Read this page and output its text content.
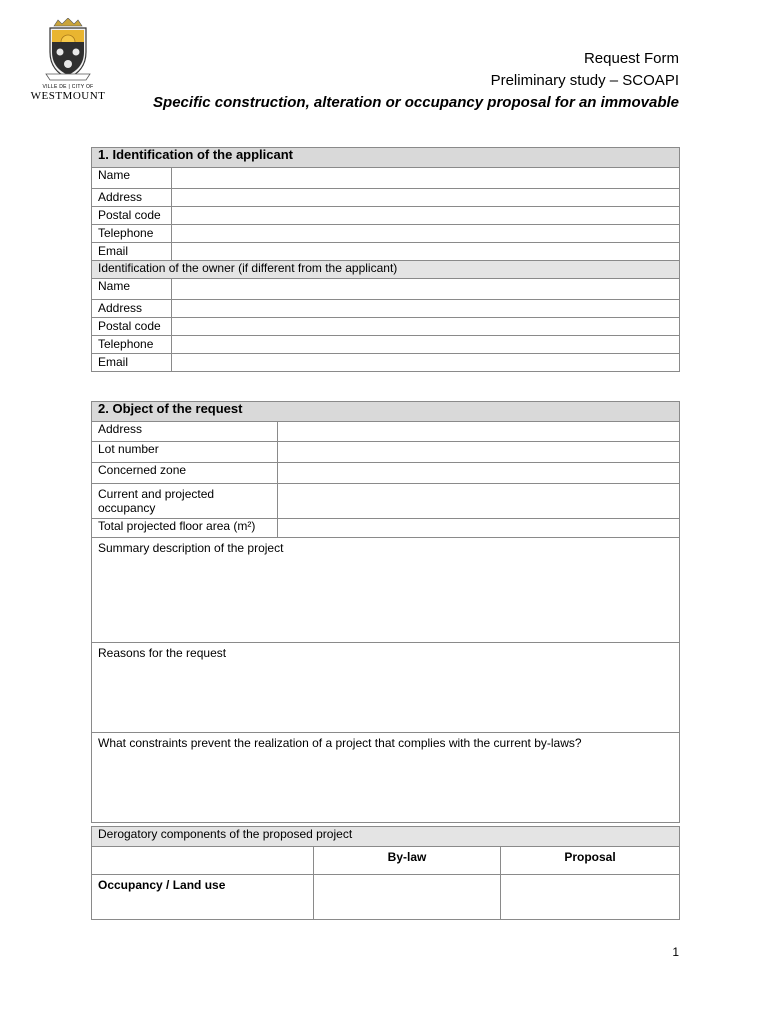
VILLE DE | CITY OF
WESTMOUNT
Request Form
Preliminary study – SCOAPI
Specific construction, alteration or occupancy proposal for an immovable
1. Identification of the applicant	
Name	
Address	
Postal code	
Telephone	
Email	
Identification of the owner (if different from the applicant)	
Name	
Address	
Postal code	
Telephone	
Email	
2. Object of the request	
Address	
Lot number	
Concerned zone	
Current and projected occupancy	
Total projected floor area (m²)	
Summary description of the project	
Reasons for the request	
What constraints prevent the realization of a project that complies with the current by-laws?	
Derogatory components of the proposed project		
	By-law	Proposal
Occupancy / Land use		
1
